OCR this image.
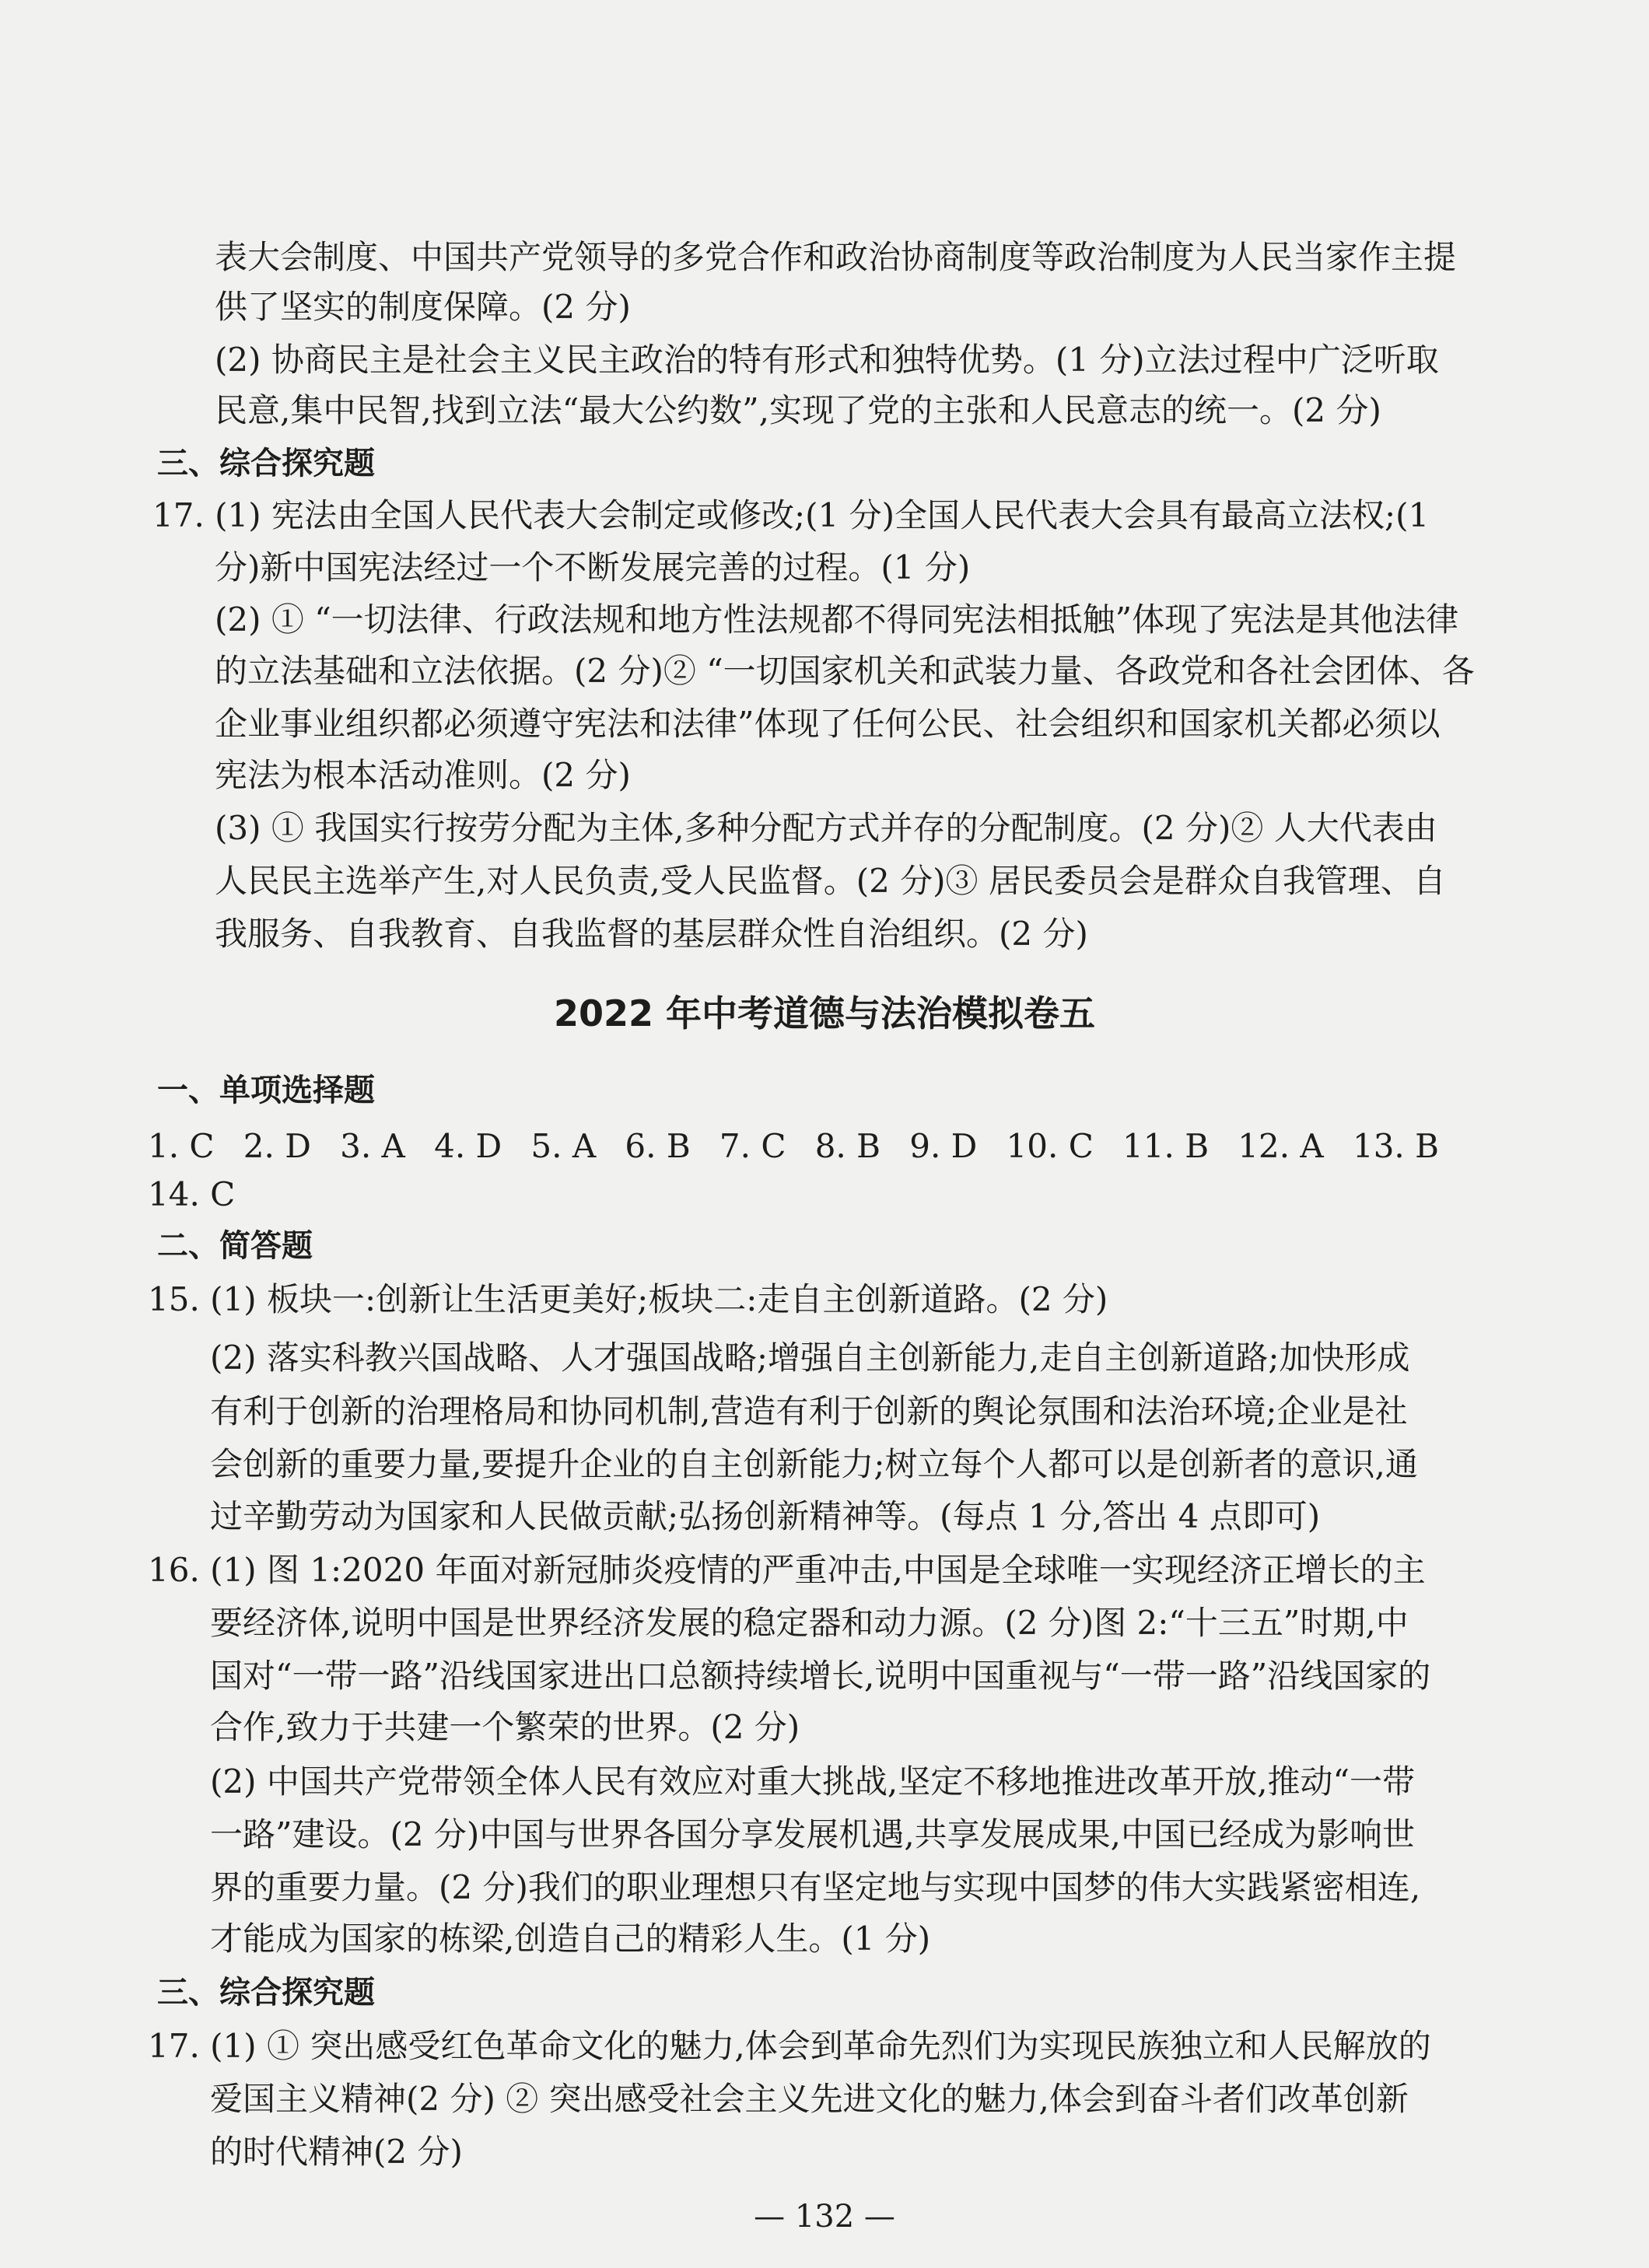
表大会制度、中国共产党领导的多党合作和政治协商制度等政治制度为人民当家作主提
供了坚实的制度保障。(2 分)
(2) 协商民主是社会主义民主政治的特有形式和独特优势。(1 分)立法过程中广泛听取
民意,集中民智,找到立法“最大公约数”,实现了党的主张和人民意志的统一。(2 分)
三、综合探究题
17. (1) 宪法由全国人民代表大会制定或修改;(1 分)全国人民代表大会具有最高立法权;(1
分)新中国宪法经过一个不断发展完善的过程。(1 分)
(2) ① “一切法律、行政法规和地方性法规都不得同宪法相抵触”体现了宪法是其他法律
的立法基础和立法依据。(2 分)② “一切国家机关和武装力量、各政党和各社会团体、各
企业事业组织都必须遵守宪法和法律”体现了任何公民、社会组织和国家机关都必须以
宪法为根本活动准则。(2 分)
(3) ① 我国实行按劳分配为主体,多种分配方式并存的分配制度。(2 分)② 人大代表由
人民民主选举产生,对人民负责,受人民监督。(2 分)③ 居民委员会是群众自我管理、自
我服务、自我教育、自我监督的基层群众性自治组织。(2 分)
2022 年中考道德与法治模拟卷五
一、单项选择题
1. C 2. D 3. A 4. D 5. A 6. B 7. C 8. B 9. D 10. C 11. B 12. A 13. B
14. C
二、简答题
15. (1) 板块一:创新让生活更美好;板块二:走自主创新道路。(2 分)
(2) 落实科教兴国战略、人才强国战略;增强自主创新能力,走自主创新道路;加快形成
有利于创新的治理格局和协同机制,营造有利于创新的舆论氛围和法治环境;企业是社
会创新的重要力量,要提升企业的自主创新能力;树立每个人都可以是创新者的意识,通
过辛勤劳动为国家和人民做贡献;弘扬创新精神等。(每点 1 分,答出 4 点即可)
16. (1) 图 1:2020 年面对新冠肺炎疫情的严重冲击,中国是全球唯一实现经济正增长的主
要经济体,说明中国是世界经济发展的稳定器和动力源。(2 分)图 2:“十三五”时期,中
国对“一带一路”沿线国家进出口总额持续增长,说明中国重视与“一带一路”沿线国家的
合作,致力于共建一个繁荣的世界。(2 分)
(2) 中国共产党带领全体人民有效应对重大挑战,坚定不移地推进改革开放,推动“一带
一路”建设。(2 分)中国与世界各国分享发展机遇,共享发展成果,中国已经成为影响世
界的重要力量。(2 分)我们的职业理想只有坚定地与实现中国梦的伟大实践紧密相连,
才能成为国家的栋梁,创造自己的精彩人生。(1 分)
三、综合探究题
17. (1) ① 突出感受红色革命文化的魅力,体会到革命先烈们为实现民族独立和人民解放的
爱国主义精神(2 分) ② 突出感受社会主义先进文化的魅力,体会到奋斗者们改革创新
的时代精神(2 分)
— 132 —
